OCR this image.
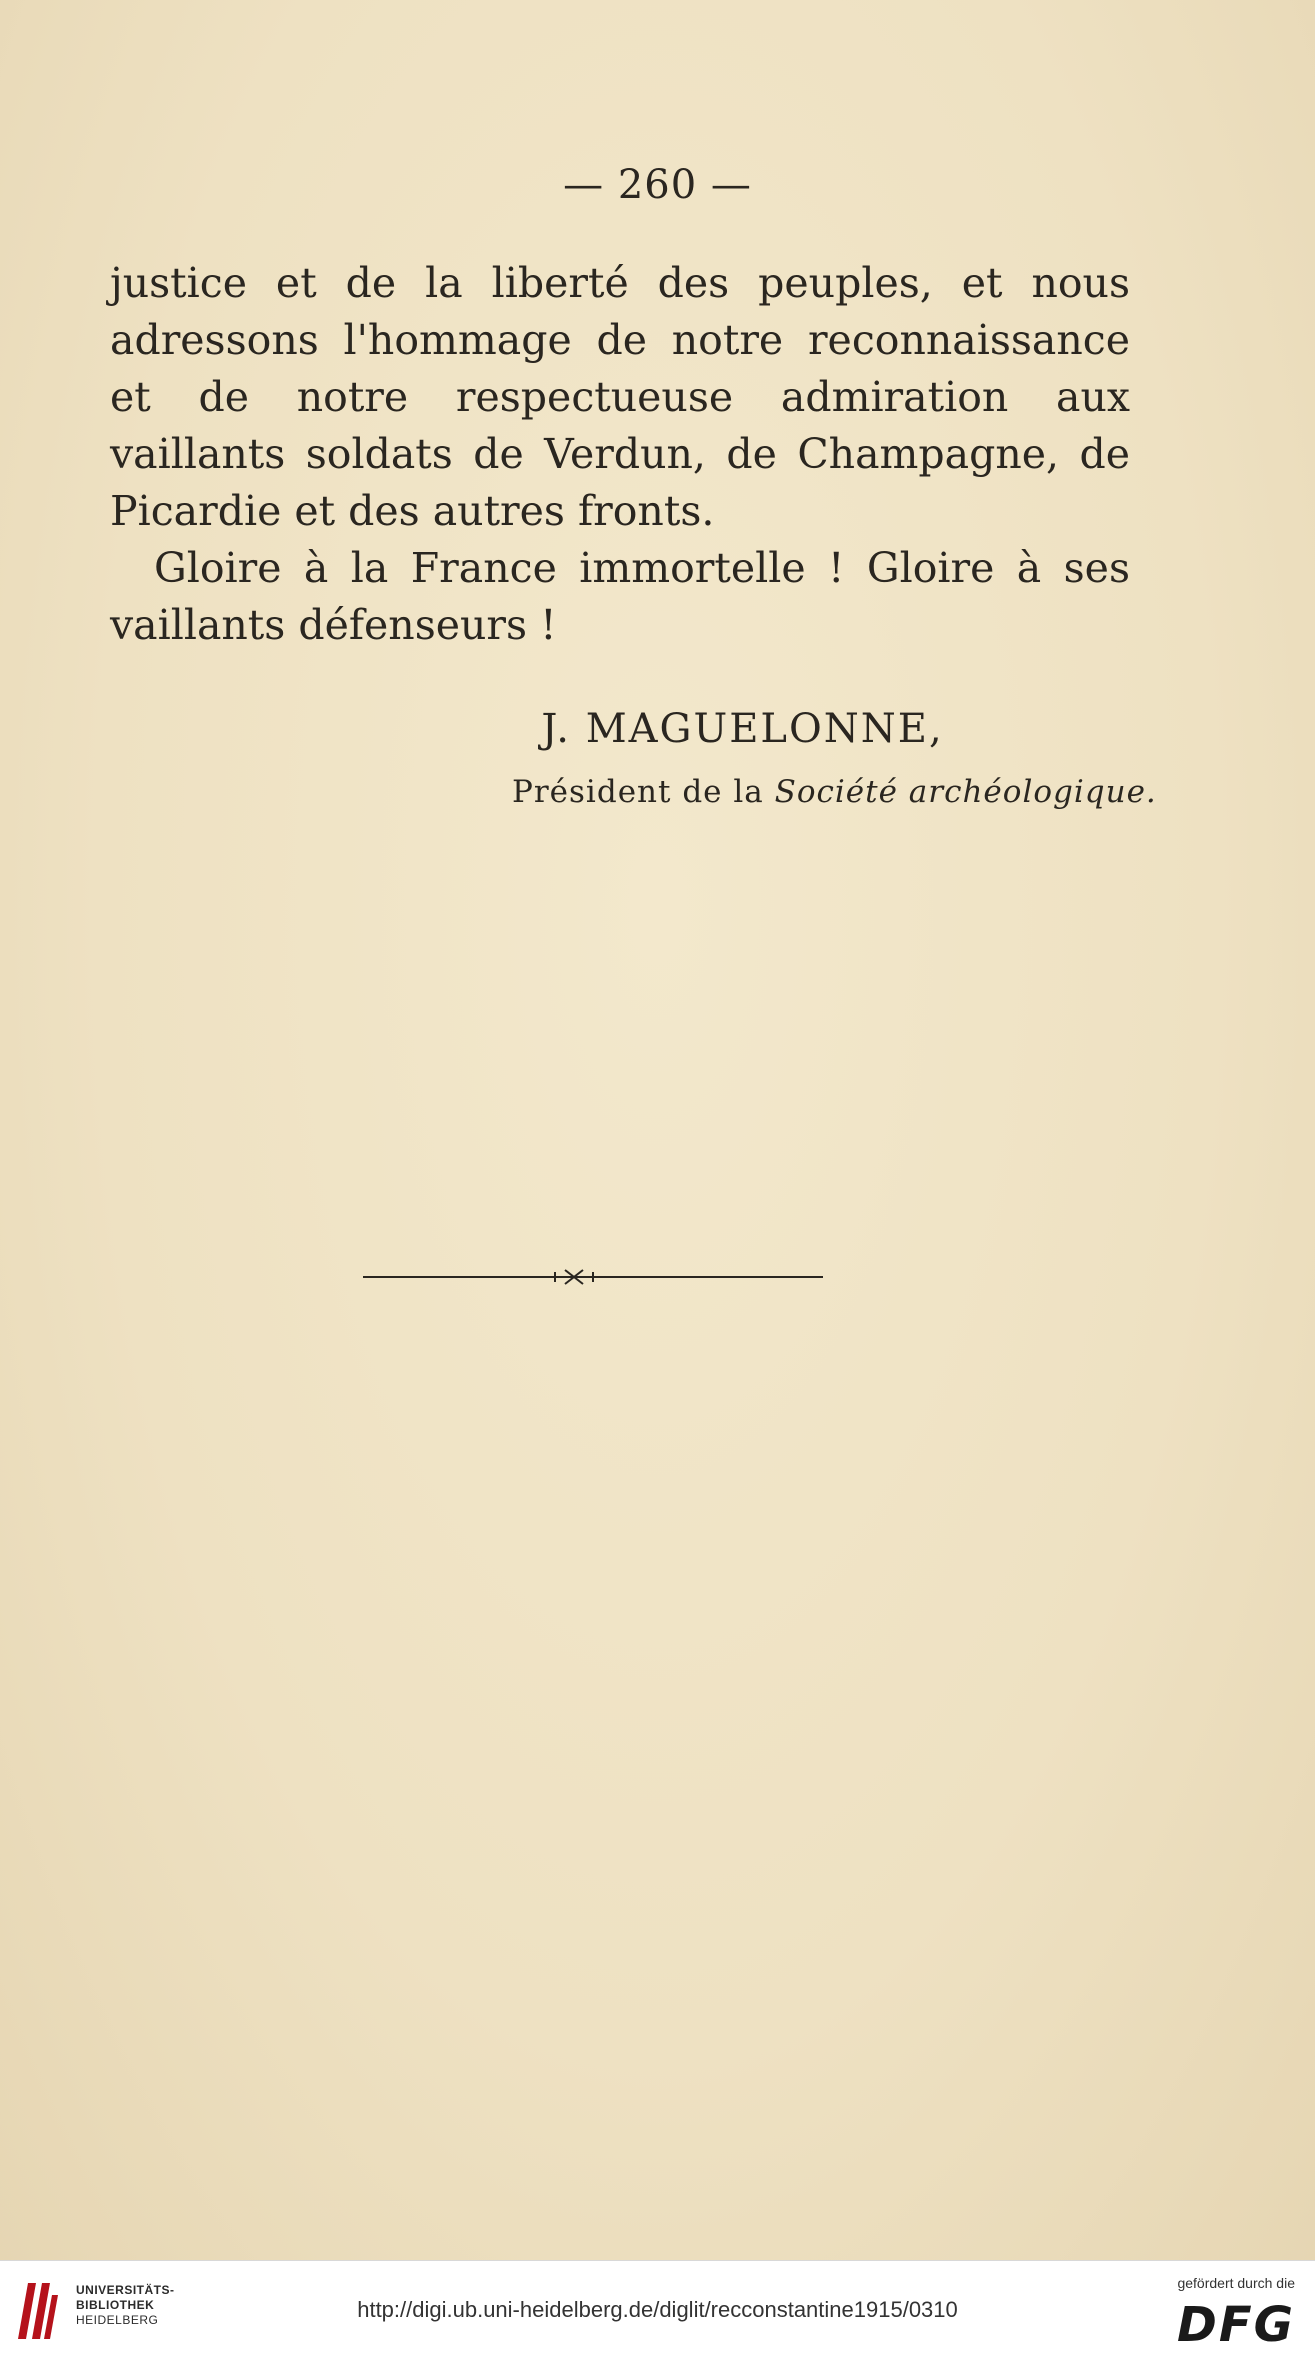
— 260 —

justice et de la liberté des peuples, et nous adressons l'hommage de notre reconnaissance et de notre respectueuse admiration aux vaillants soldats de Verdun, de Champagne, de Picardie et des autres fronts.

Gloire à la France immortelle ! Gloire à ses vaillants défenseurs !

J. MAGUELONNE,
Président de la Société archéologique.
UNIVERSITÄTS-
BIBLIOTHEK
HEIDELBERG	http://digi.ub.uni-heidelberg.de/diglit/recconstantine1915/0310
gefördert durch die
DFG
